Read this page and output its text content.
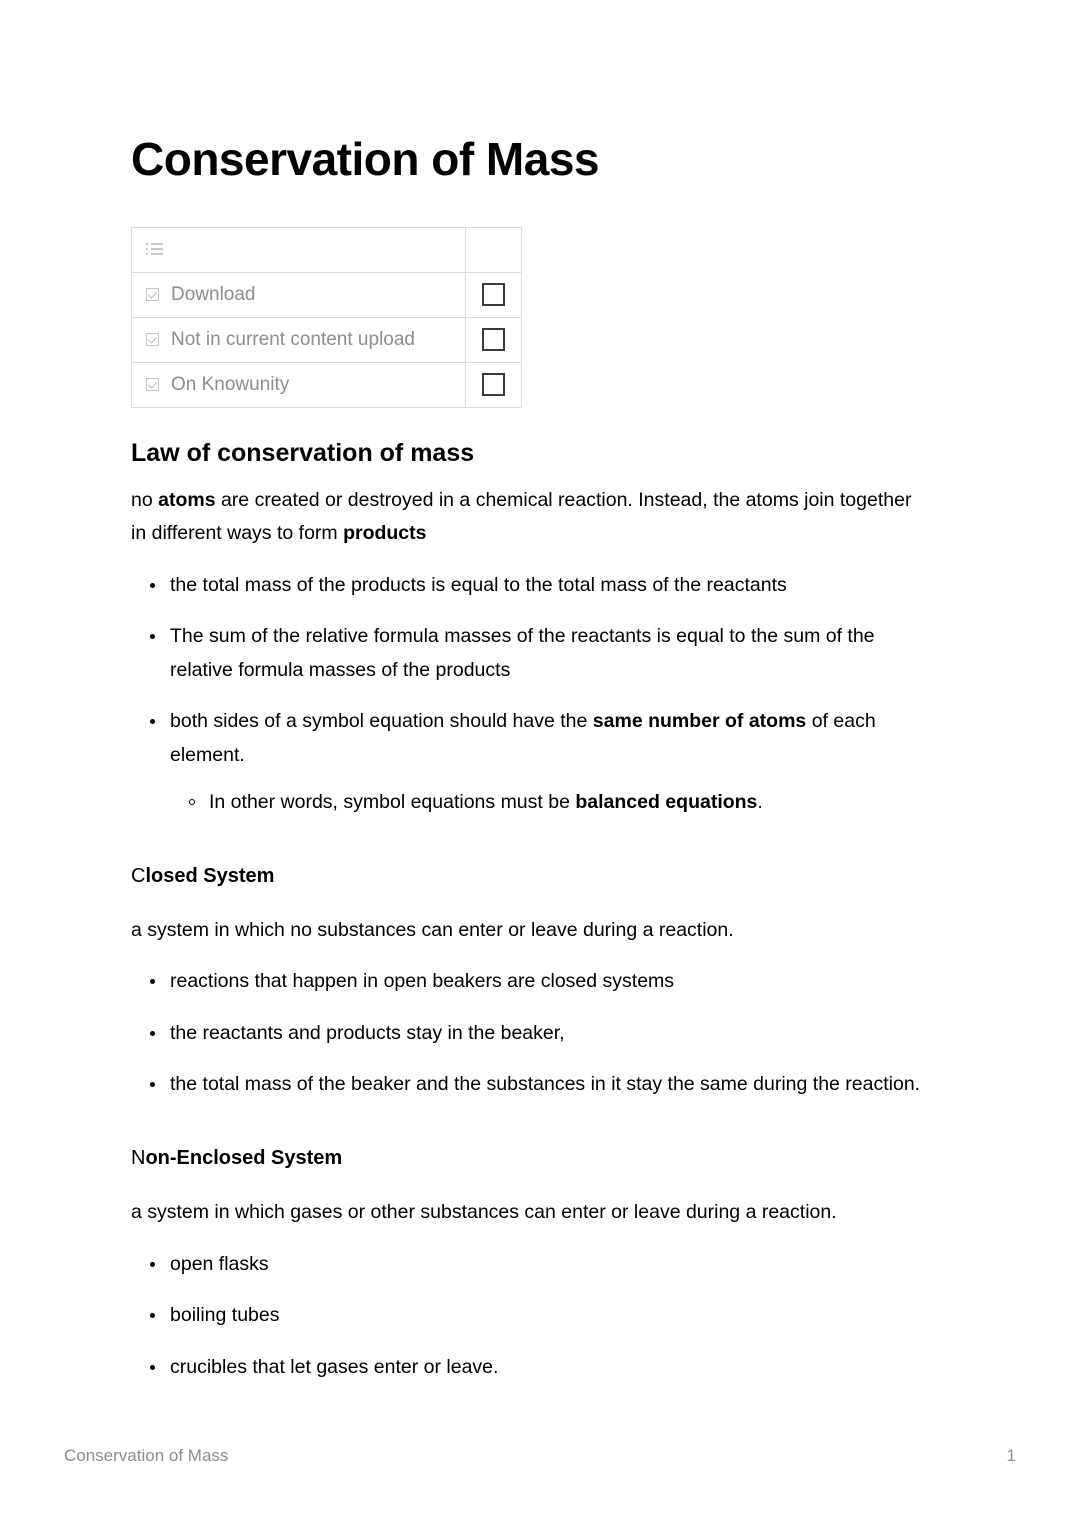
Conservation of Mass

Download	

Not in current content upload	

On Knowunity	

Law of conservation of mass

no atoms are created or destroyed in a chemical reaction. Instead, the atoms join together in different ways to form products

the total mass of the products is equal to the total mass of the reactants
The sum of the relative formula masses of the reactants is equal to the sum of the relative formula masses of the products
both sides of a symbol equation should have the same number of atoms of each element.
In other words, symbol equations must be balanced equations.
Closed System

a system in which no substances can enter or leave during a reaction.

reactions that happen in open beakers are closed systems
the reactants and products stay in the beaker,
the total mass of the beaker and the substances in it stay the same during the reaction.
Non-Enclosed System

a system in which gases or other substances can enter or leave during a reaction.

open flasks
boiling tubes
crucibles that let gases enter or leave.
Conservation of Mass	1
